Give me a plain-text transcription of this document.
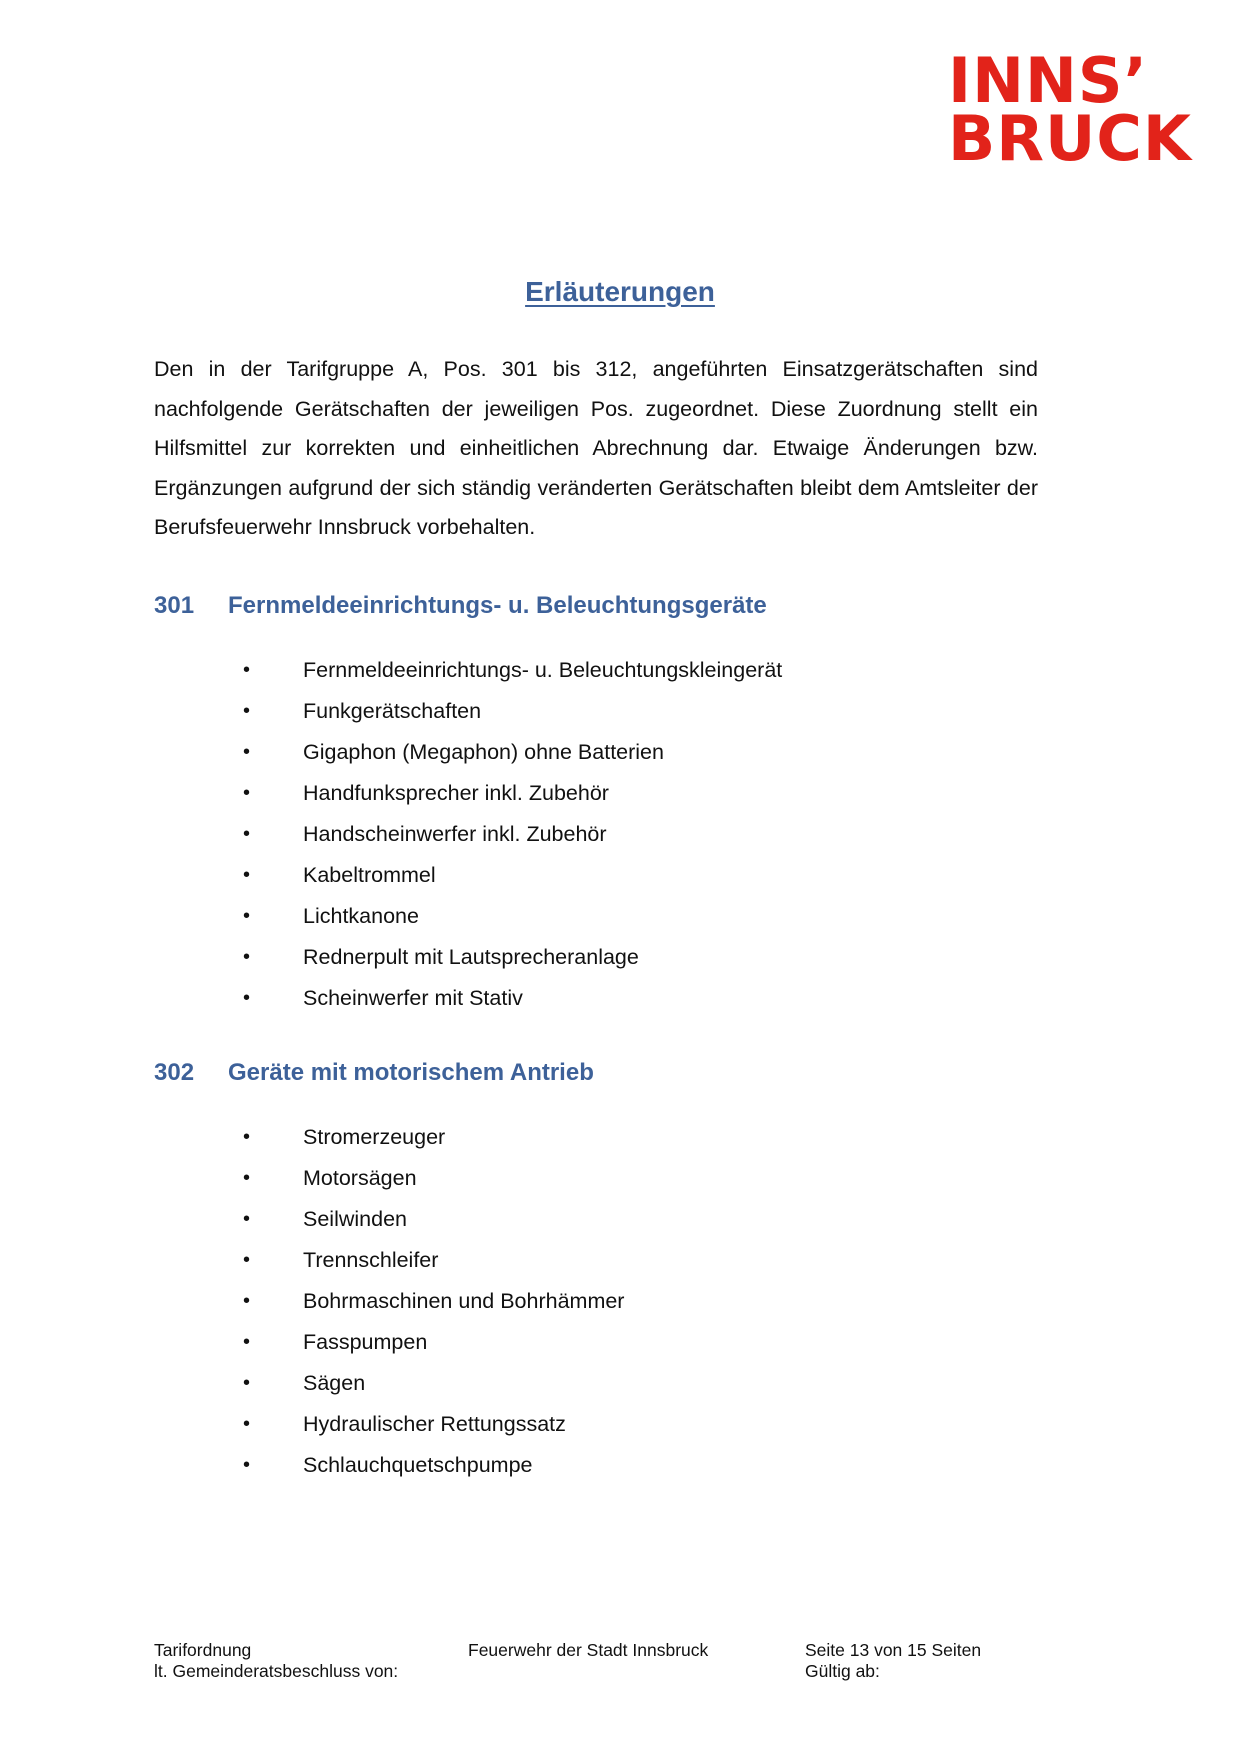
INNS’
BRUCK
Erläuterungen

Den in der Tarifgruppe A, Pos. 301 bis 312, angeführten Einsatzgerätschaften sind nachfolgende Gerätschaften der jeweiligen Pos. zugeordnet. Diese Zuordnung stellt ein Hilfsmittel zur korrekten und einheitlichen Abrechnung dar. Etwaige Änderungen bzw. Ergänzungen aufgrund der sich ständig veränderten Gerätschaften bleibt dem Amtsleiter der Berufsfeuerwehr Innsbruck vorbehalten.

301 Fernmeldeeinrichtungs- u. Beleuchtungsgeräte
• Fernmeldeeinrichtungs- u. Beleuchtungskleingerät
• Funkgerätschaften
• Gigaphon (Megaphon) ohne Batterien
• Handfunksprecher inkl. Zubehör
• Handscheinwerfer inkl. Zubehör
• Kabeltrommel
• Lichtkanone
• Rednerpult mit Lautsprecheranlage
• Scheinwerfer mit Stativ
302 Geräte mit motorischem Antrieb
• Stromerzeuger
• Motorsägen
• Seilwinden
• Trennschleifer
• Bohrmaschinen und Bohrhämmer
• Fasspumpen
• Sägen
• Hydraulischer Rettungssatz
• Schlauchquetschpumpe
Tarifordnung
lt. Gemeinderatsbeschluss von:
Feuerwehr der Stadt Innsbruck	Seite 13 von 15 Seiten
Gültig ab:
